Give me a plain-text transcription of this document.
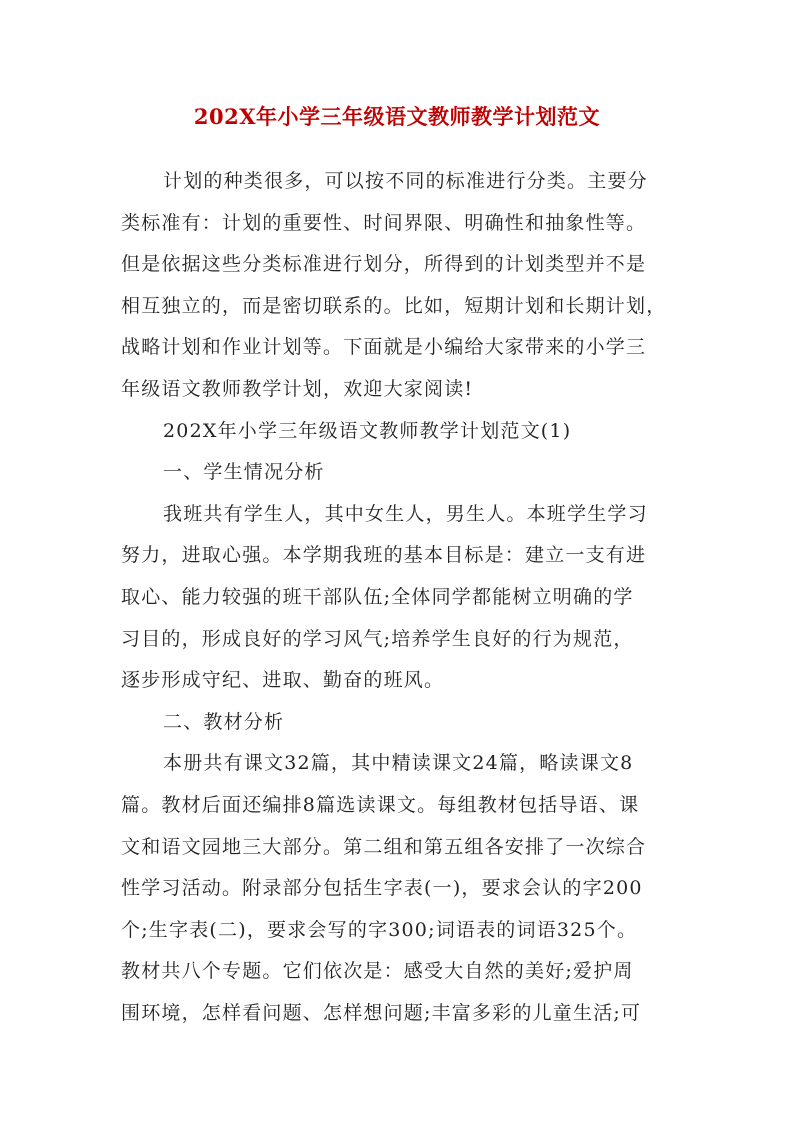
202X年小学三年级语文教师教学计划范文
计划的种类很多，可以按不同的标准进行分类。主要分
类标准有：计划的重要性、时间界限、明确性和抽象性等。
但是依据这些分类标准进行划分，所得到的计划类型并不是
相互独立的，而是密切联系的。比如，短期计划和长期计划，
战略计划和作业计划等。下面就是小编给大家带来的小学三
年级语文教师教学计划，欢迎大家阅读!
202X年小学三年级语文教师教学计划范文(1)
一、学生情况分析
我班共有学生人，其中女生人，男生人。本班学生学习
努力，进取心强。本学期我班的基本目标是：建立一支有进
取心、能力较强的班干部队伍;全体同学都能树立明确的学
习目的，形成良好的学习风气;培养学生良好的行为规范，
逐步形成守纪、进取、勤奋的班风。
二、教材分析
本册共有课文32篇，其中精读课文24篇，略读课文8
篇。教材后面还编排8篇选读课文。每组教材包括导语、课
文和语文园地三大部分。第二组和第五组各安排了一次综合
性学习活动。附录部分包括生字表(一)，要求会认的字200
个;生字表(二)，要求会写的字300;词语表的词语325个。
教材共八个专题。它们依次是：感受大自然的美好;爱护周
围环境，怎样看问题、怎样想问题;丰富多彩的儿童生活;可
